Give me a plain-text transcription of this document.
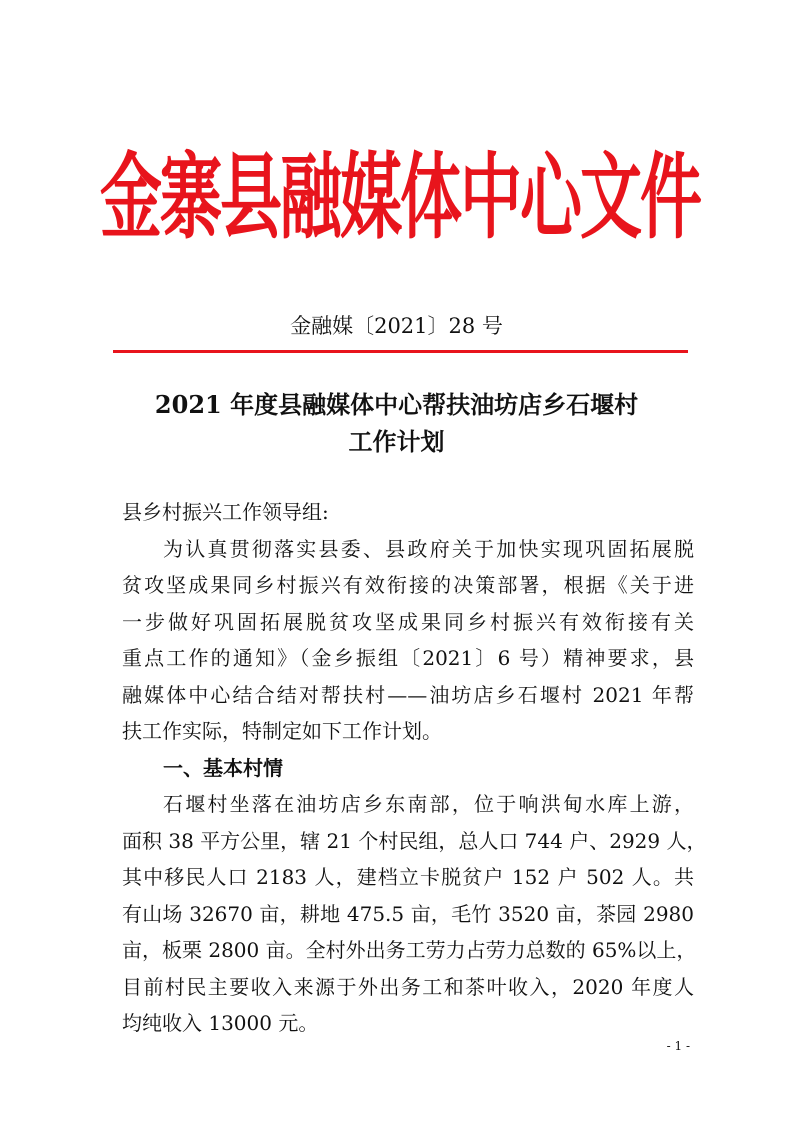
金寨县融媒体中心文件
金融媒〔2021〕28 号
2021 年度县融媒体中心帮扶油坊店乡石堰村
工作计划
县乡村振兴工作领导组:
为认真贯彻落实县委、县政府关于加快实现巩固拓展脱
贫攻坚成果同乡村振兴有效衔接的决策部署，根据《关于进
一步做好巩固拓展脱贫攻坚成果同乡村振兴有效衔接有关
重点工作的通知》（金乡振组〔2021〕6 号）精神要求，县
融媒体中心结合结对帮扶村——油坊店乡石堰村 2021 年帮
扶工作实际，特制定如下工作计划。
一、基本村情
石堰村坐落在油坊店乡东南部，位于响洪甸水库上游，
面积 38 平方公里，辖 21 个村民组，总人口 744 户、2929 人，
其中移民人口 2183 人，建档立卡脱贫户 152 户 502 人。共
有山场 32670 亩，耕地 475.5 亩，毛竹 3520 亩，茶园 2980
亩，板栗 2800 亩。全村外出务工劳力占劳力总数的 65%以上，
目前村民主要收入来源于外出务工和茶叶收入，2020 年度人
均纯收入 13000 元。
- 1 -
